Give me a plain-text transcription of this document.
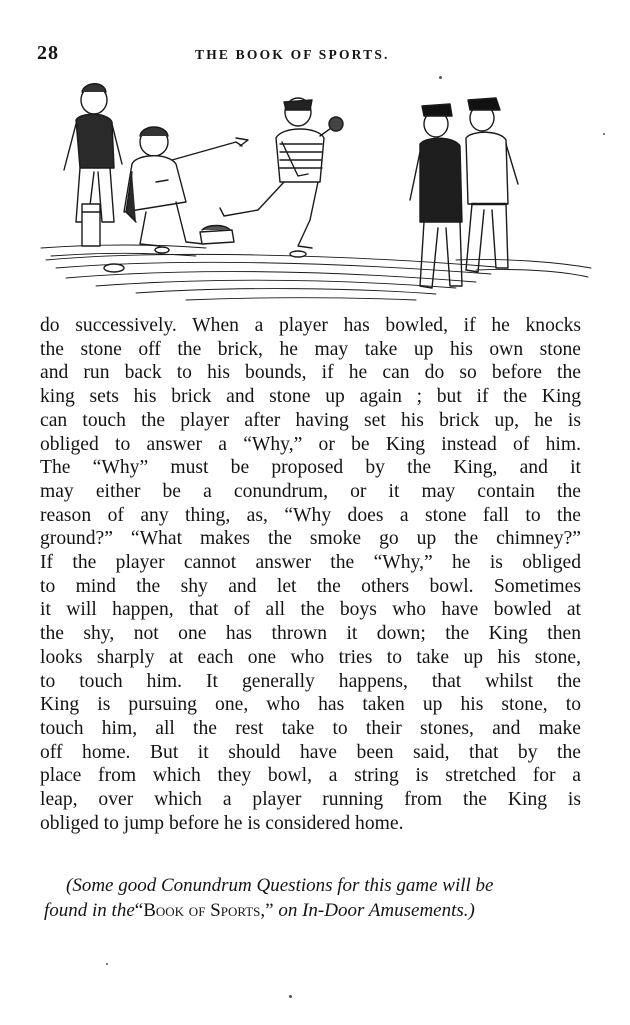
28	THE BOOK OF SPORTS.
do successively. When a player has bowled, if he knocks
the stone off the brick, he may take up his own stone
and run back to his bounds, if he can do so before the
king sets his brick and stone up again ; but if the King
can touch the player after having set his brick up, he is
obliged to answer a “Why,” or be King instead of him.
The “Why” must be proposed by the King, and it
may either be a conundrum, or it may contain the
reason of any thing, as, “Why does a stone fall to the
ground?” “What makes the smoke go up the chimney?”
If the player cannot answer the “Why,” he is obliged
to mind the shy and let the others bowl. Sometimes
it will happen, that of all the boys who have bowled at
the shy, not one has thrown it down; the King then
looks sharply at each one who tries to take up his stone,
to touch him. It generally happens, that whilst the
King is pursuing one, who has taken up his stone, to
touch him, all the rest take to their stones, and make
off home. But it should have been said, that by the
place from which they bowl, a string is stretched for a
leap, over which a player running from the King is
obliged to jump before he is considered home.
(Some good Conundrum Questions for this game will be
found in the“Book of Sports,” on In-Door Amusements.)
